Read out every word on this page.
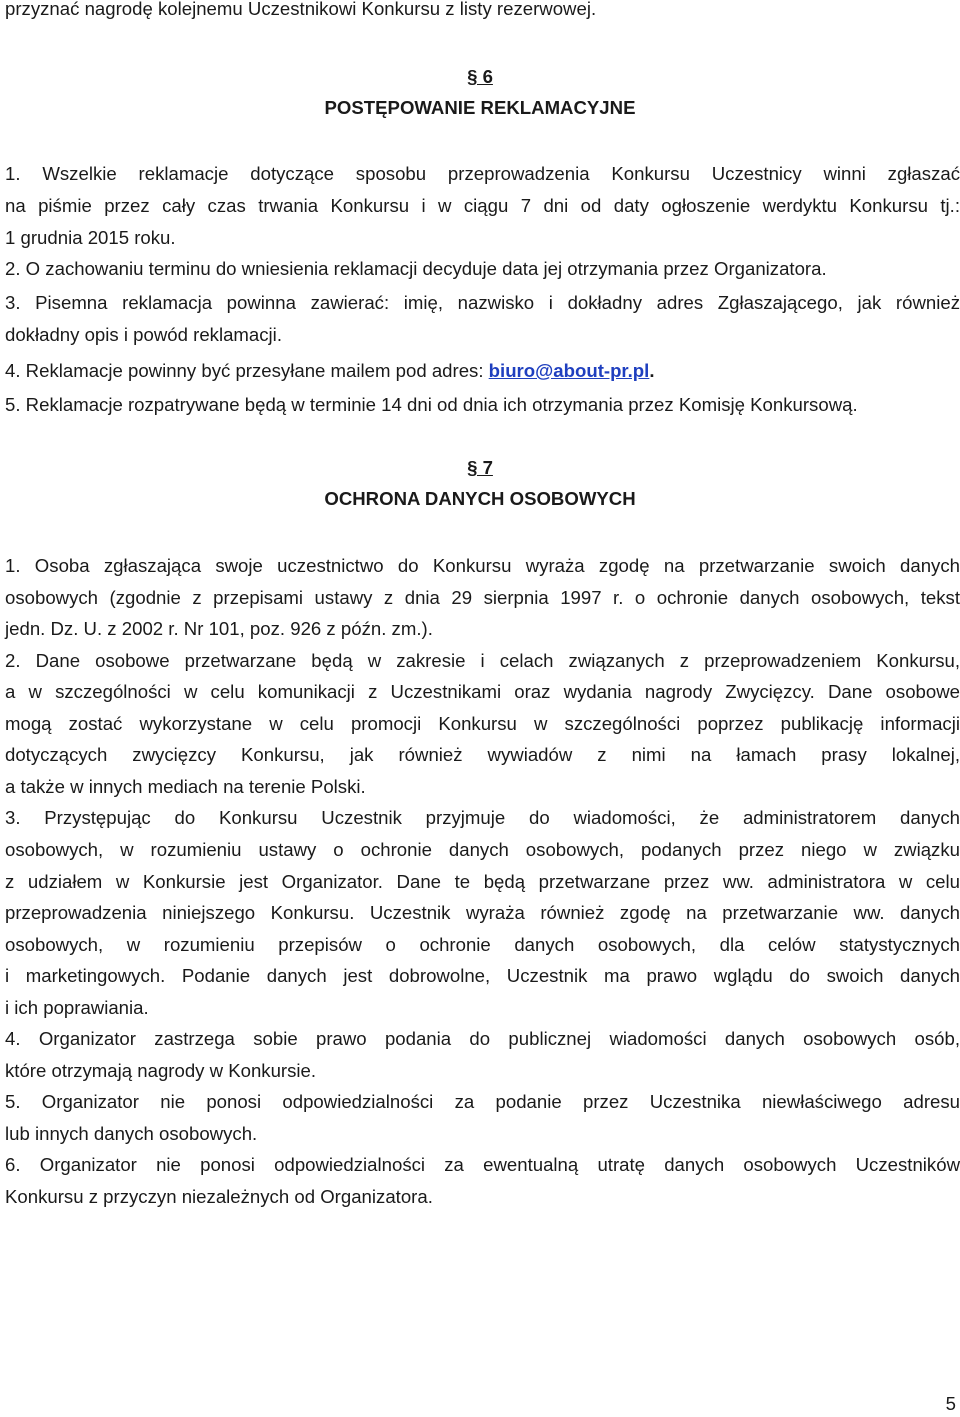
przyznać nagrodę kolejnemu Uczestnikowi Konkursu z listy rezerwowej.
§ 6
POSTĘPOWANIE REKLAMACYJNE
1. Wszelkie reklamacje dotyczące sposobu przeprowadzenia Konkursu Uczestnicy winni zgłaszać
na piśmie przez cały czas trwania Konkursu i w ciągu 7 dni od daty ogłoszenie werdyktu Konkursu tj.:
1 grudnia 2015 roku.
2. O zachowaniu terminu do wniesienia reklamacji decyduje data jej otrzymania przez Organizatora.
3. Pisemna reklamacja powinna zawierać: imię, nazwisko i dokładny adres Zgłaszającego, jak również
dokładny opis i powód reklamacji.
4. Reklamacje powinny być przesyłane mailem pod adres: biuro@about-pr.pl.
5. Reklamacje rozpatrywane będą w terminie 14 dni od dnia ich otrzymania przez Komisję Konkursową.
§ 7
OCHRONA DANYCH OSOBOWYCH
1. Osoba zgłaszająca swoje uczestnictwo do Konkursu wyraża zgodę na przetwarzanie swoich danych
osobowych (zgodnie z przepisami ustawy z dnia 29 sierpnia 1997 r. o ochronie danych osobowych, tekst
jedn. Dz. U. z 2002 r. Nr 101, poz. 926 z późn. zm.).
2. Dane osobowe przetwarzane będą w zakresie i celach związanych z przeprowadzeniem Konkursu,
a w szczególności w celu komunikacji z Uczestnikami oraz wydania nagrody Zwycięzcy. Dane osobowe
mogą zostać wykorzystane w celu promocji Konkursu w szczególności poprzez publikację informacji
dotyczących zwycięzcy Konkursu, jak również wywiadów z nimi na łamach prasy lokalnej,
a także w innych mediach na terenie Polski.
3. Przystępując do Konkursu Uczestnik przyjmuje do wiadomości, że administratorem danych
osobowych, w rozumieniu ustawy o ochronie danych osobowych, podanych przez niego w związku
z udziałem w Konkursie jest Organizator. Dane te będą przetwarzane przez ww. administratora w celu
przeprowadzenia niniejszego Konkursu. Uczestnik wyraża również zgodę na przetwarzanie ww. danych
osobowych, w rozumieniu przepisów o ochronie danych osobowych, dla celów statystycznych
i marketingowych. Podanie danych jest dobrowolne, Uczestnik ma prawo wglądu do swoich danych
i ich poprawiania.
4. Organizator zastrzega sobie prawo podania do publicznej wiadomości danych osobowych osób,
które otrzymają nagrody w Konkursie.
5. Organizator nie ponosi odpowiedzialności za podanie przez Uczestnika niewłaściwego adresu
lub innych danych osobowych.
6. Organizator nie ponosi odpowiedzialności za ewentualną utratę danych osobowych Uczestników
Konkursu z przyczyn niezależnych od Organizatora.
5
